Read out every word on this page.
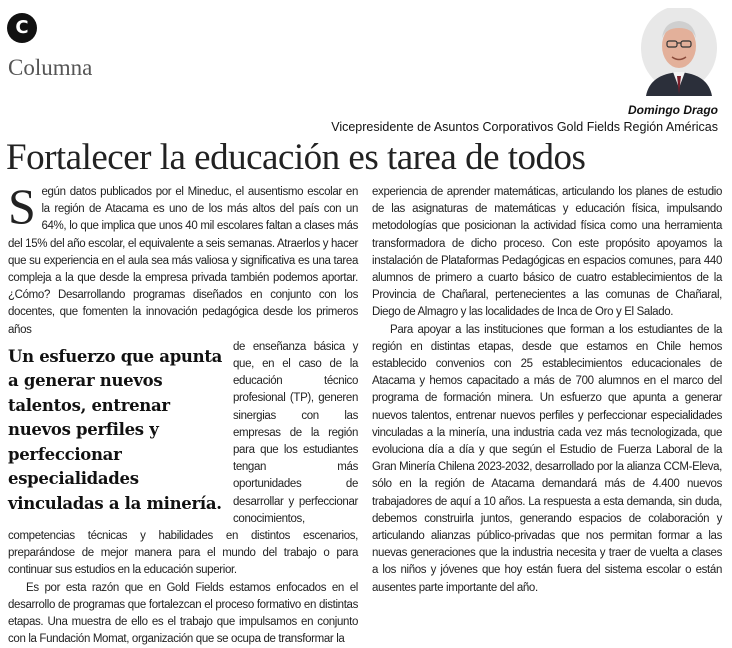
C
Columna
Domingo Drago
Vicepresidente de Asuntos Corporativos Gold Fields Región Américas
Fortalecer la educación es tarea de todos

S egún datos publicados por el Mineduc, el ausentismo escolar en la región de Atacama es uno de los más altos del país con un 64%, lo que implica que unos 40 mil escolares faltan a clases más del 15% del año escolar, el equivalente a seis semanas. Atraerlos y hacer que su experiencia en el aula sea más valiosa y significativa es una tarea compleja a la que desde la empresa privada también podemos aportar. ¿Cómo? Desarrollando programas diseñados en conjunto con los docentes, que fomenten la innovación pedagógica desde los primeros años

Un esfuerzo que apunta a generar nuevos talentos, entrenar nuevos perfiles y perfeccionar especialidades vinculadas a la minería.

de enseñanza básica y que, en el caso de la educación técnico profesional (TP), generen sinergias con las empresas de la región para que los estudiantes tengan más oportunidades de desarrollar y perfeccionar conocimientos, competencias técnicas y habilidades en distintos escenarios, preparándose de mejor manera para el mundo del trabajo o para continuar sus estudios en la educación superior.

Es por esta razón que en Gold Fields estamos enfocados en el desarrollo de programas que fortalezcan el proceso formativo en distintas etapas. Una muestra de ello es el trabajo que impulsamos en conjunto con la Fundación Momat, organización que se ocupa de transformar la

experiencia de aprender matemáticas, articulando los planes de estudio de las asignaturas de matemáticas y educación física, impulsando metodologías que posicionan la actividad física como una herramienta transformadora de dicho proceso. Con este propósito apoyamos la instalación de Plataformas Pedagógicas en espacios comunes, para 440 alumnos de primero a cuarto básico de cuatro establecimientos de la Provincia de Chañaral, pertenecientes a las comunas de Chañaral, Diego de Almagro y las localidades de Inca de Oro y El Salado.

Para apoyar a las instituciones que forman a los estudiantes de la región en distintas etapas, desde que estamos en Chile hemos establecido convenios con 25 establecimientos educacionales de Atacama y hemos capacitado a más de 700 alumnos en el marco del programa de formación minera. Un esfuerzo que apunta a generar nuevos talentos, entrenar nuevos perfiles y perfeccionar especialidades vinculadas a la minería, una industria cada vez más tecnologizada, que evoluciona día a día y que según el Estudio de Fuerza Laboral de la Gran Minería Chilena 2023-2032, desarrollado por la alianza CCM-Eleva, sólo en la región de Atacama demandará más de 4.400 nuevos trabajadores de aquí a 10 años. La respuesta a esta demanda, sin duda, debemos construirla juntos, generando espacios de colaboración y articulando alianzas público-privadas que nos permitan formar a las nuevas generaciones que la industria necesita y traer de vuelta a clases a los niños y jóvenes que hoy están fuera del sistema escolar o están ausentes parte importante del año.
